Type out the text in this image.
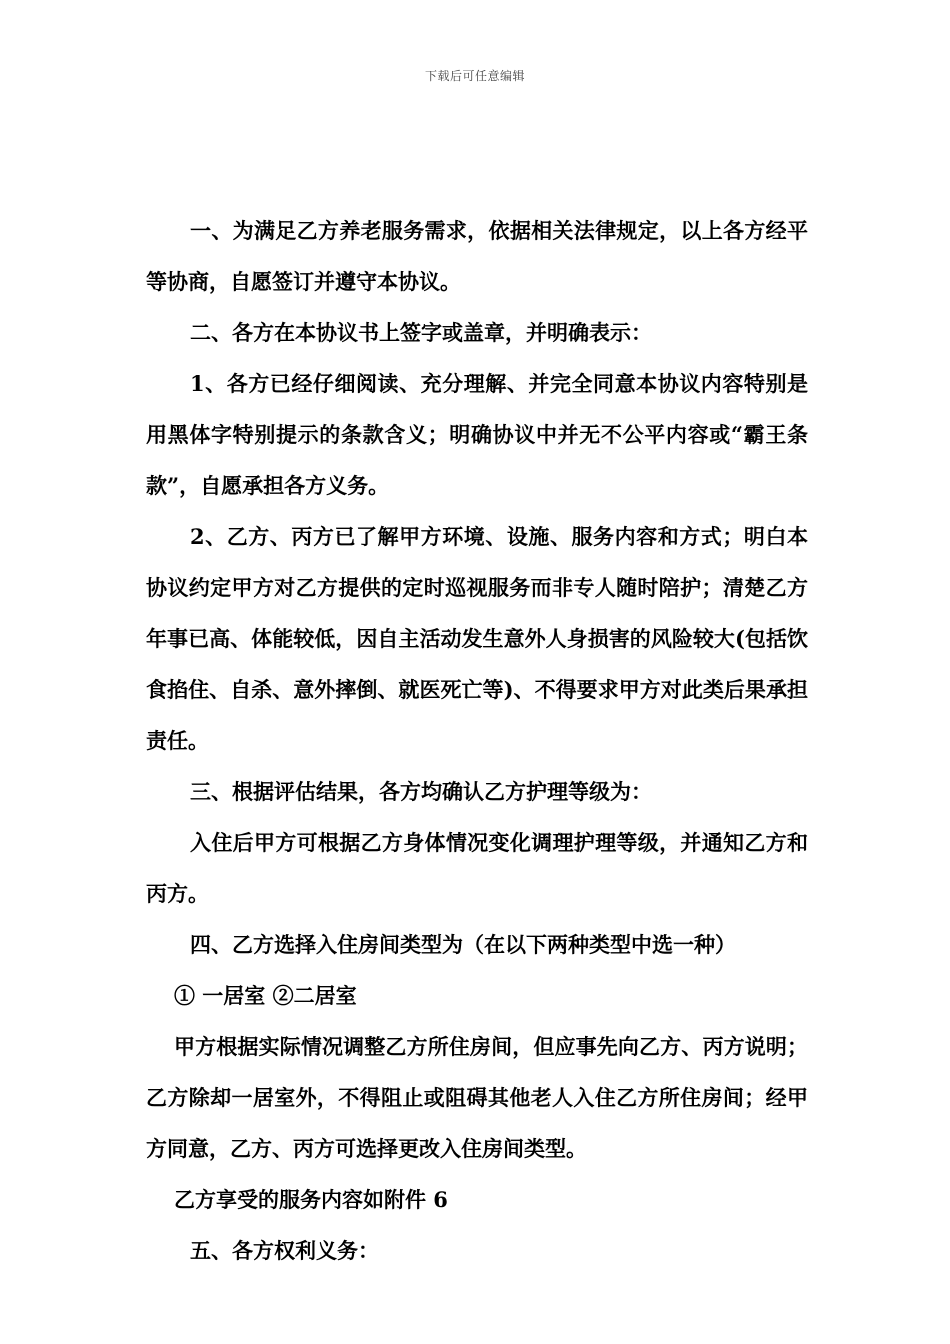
下载后可任意编辑

一、为满足乙方养老服务需求，依据相关法律规定，以上各方经平等协商，自愿签订并遵守本协议。

二、各方在本协议书上签字或盖章，并明确表示：

1、各方已经仔细阅读、充分理解、并完全同意本协议内容特别是用黑体字特别提示的条款含义；明确协议中并无不公平内容或“霸王条款”，自愿承担各方义务。

2、乙方、丙方已了解甲方环境、设施、服务内容和方式；明白本协议约定甲方对乙方提供的定时巡视服务而非专人随时陪护；清楚乙方年事已高、体能较低，因自主活动发生意外人身损害的风险较大(包括饮食掐住、自杀、意外摔倒、就医死亡等)、不得要求甲方对此类后果承担责任。

三、根据评估结果，各方均确认乙方护理等级为：

入住后甲方可根据乙方身体情况变化调理护理等级，并通知乙方和丙方。

四、乙方选择入住房间类型为（在以下两种类型中选一种）

① 一居室 ②二居室

甲方根据实际情况调整乙方所住房间，但应事先向乙方、丙方说明；乙方除却一居室外，不得阻止或阻碍其他老人入住乙方所住房间；经甲方同意，乙方、丙方可选择更改入住房间类型。

乙方享受的服务内容如附件 6

五、各方权利义务：
